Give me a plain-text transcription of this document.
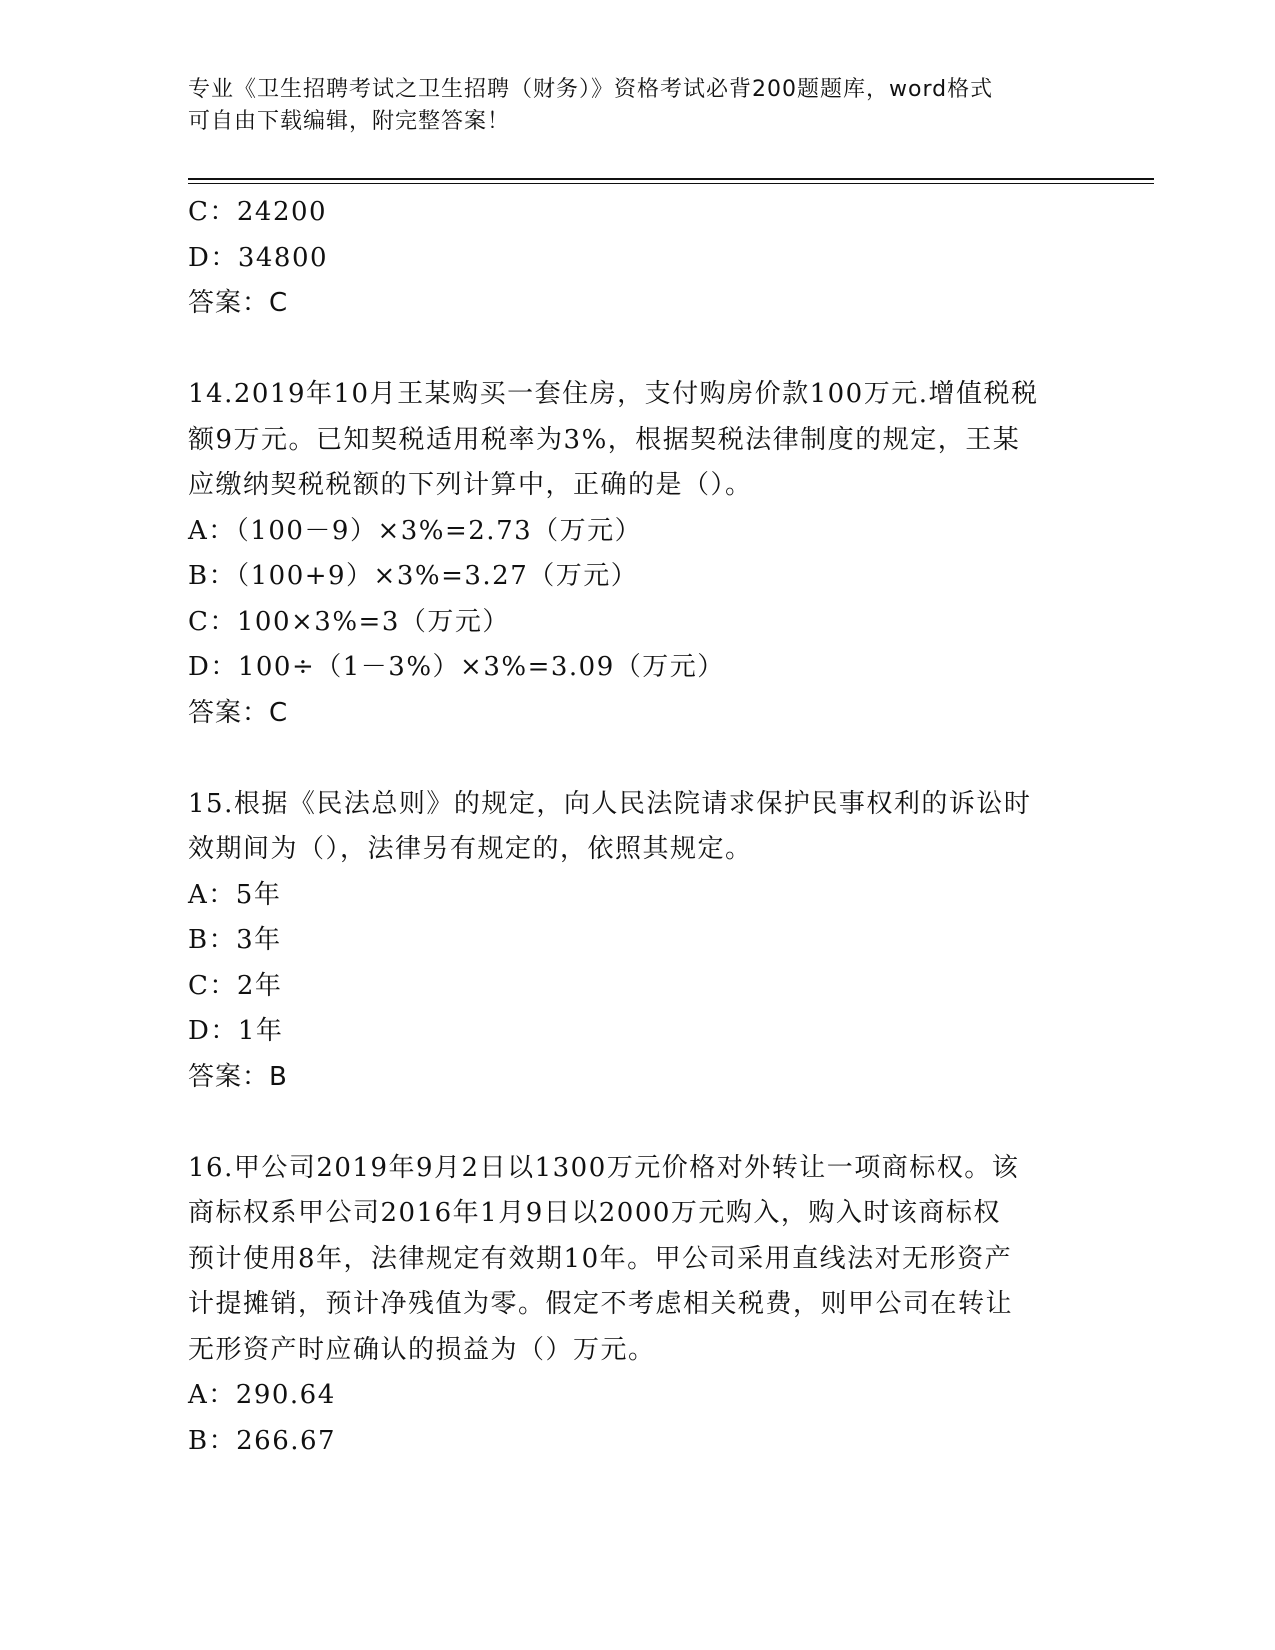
专业《卫生招聘考试之卫生招聘（财务）》资格考试必背200题题库，word格式
可自由下载编辑，附完整答案！
C：24200
D：34800
答案：C
14.2019年10月王某购买一套住房，支付购房价款100万元.增值税税
额9万元。已知契税适用税率为3%，根据契税法律制度的规定，王某
应缴纳契税税额的下列计算中，正确的是（）。
A：（100－9）×3%=2.73（万元）
B：（100+9）×3%=3.27（万元）
C：100×3%=3（万元）
D：100÷（1－3%）×3%=3.09（万元）
答案：C
15.根据《民法总则》的规定，向人民法院请求保护民事权利的诉讼时
效期间为（），法律另有规定的，依照其规定。
A：5年
B：3年
C：2年
D：1年
答案：B
16.甲公司2019年9月2日以1300万元价格对外转让一项商标权。该
商标权系甲公司2016年1月9日以2000万元购入，购入时该商标权
预计使用8年，法律规定有效期10年。甲公司采用直线法对无形资产
计提摊销，预计净残值为零。假定不考虑相关税费，则甲公司在转让
无形资产时应确认的损益为（）万元。
A：290.64
B：266.67
